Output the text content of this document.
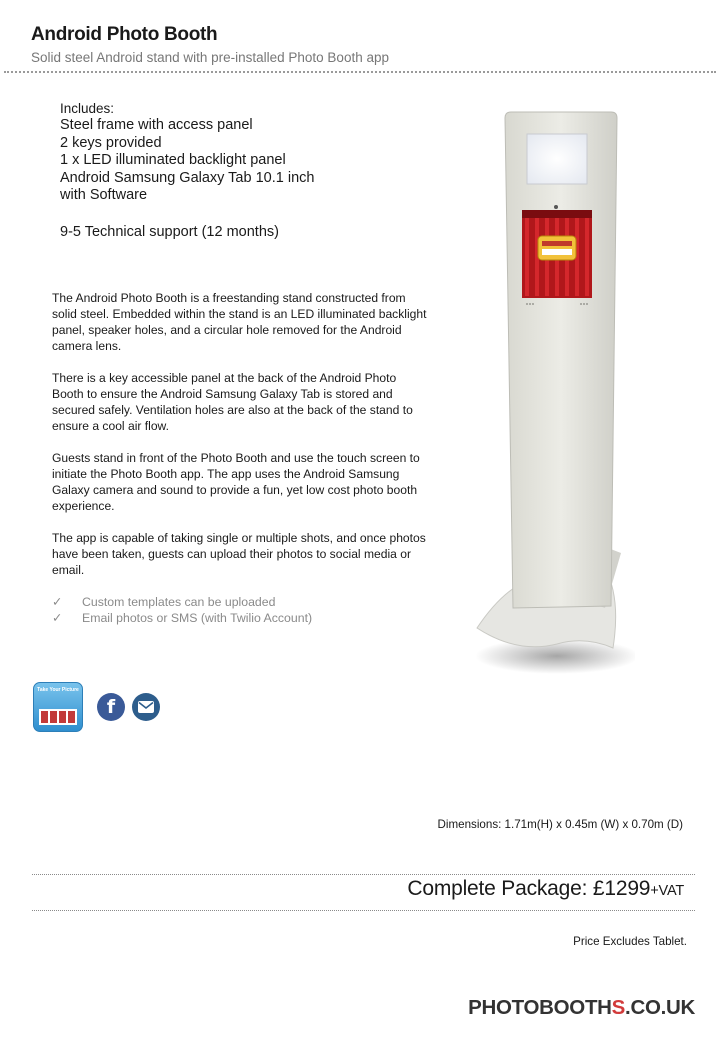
Android Photo Booth
Solid steel Android stand with pre-installed Photo Booth app
Includes:
Steel frame with access panel
2 keys provided
1 x LED illuminated backlight panel
Android Samsung Galaxy Tab 10.1 inch
with Software
9-5 Technical support (12 months)

The Android Photo Booth is a freestanding stand constructed from solid steel. Embedded within the stand is an LED illuminated backlight panel, speaker holes, and a circular hole removed for the Android camera lens.

There is a key accessible panel at the back of the Android Photo Booth to ensure the Android Samsung Galaxy Tab is stored and secured safely. Ventilation holes are also at the back of the stand to ensure a cool air flow.

Guests stand in front of the Photo Booth and use the touch screen to initiate the Photo Booth app. The app uses the Android Samsung Galaxy camera and sound to provide a fun, yet low cost photo booth experience.

The app is capable of taking single or multiple shots, and once photos have been taken, guests can upload their photos to social media or email.

✓	Custom templates can be uploaded
✓	Email photos or SMS (with Twilio Account)
Take Your Picture
f
Dimensions: 1.71m(H) x 0.45m (W) x 0.70m (D)
Complete Package: £1299+VAT
Price Excludes Tablet.
PHOTOBOOTHS.CO.UK
